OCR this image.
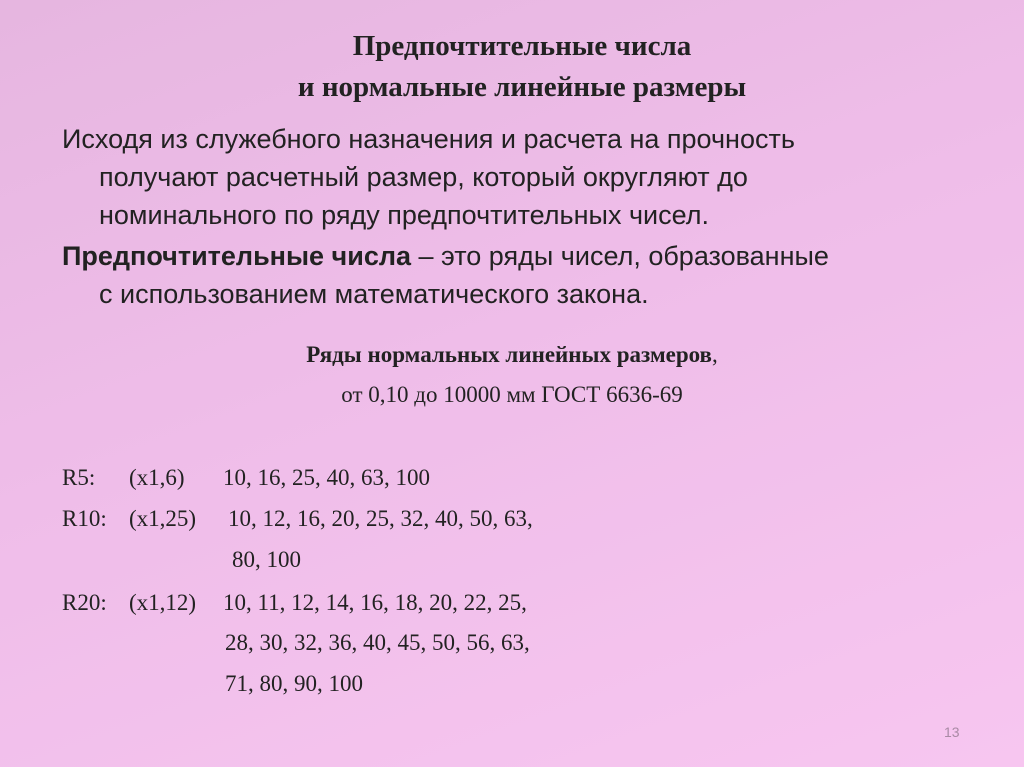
Предпочтительные числа
и нормальные линейные размеры
Исходя из служебного назначения и расчета на прочность
получают расчетный размер, который округляют до
номинального по ряду предпочтительных чисел.
Предпочтительные числа – это ряды чисел, образованные
с использованием математического закона.
Ряды нормальных линейных размеров,
от 0,10 до 10000 мм ГОСТ 6636-69
R5: (x1,6) 10, 16, 25, 40, 63, 100
R10: (x1,25) 10, 12, 16, 20, 25, 32, 40, 50, 63,
80, 100
R20: (x1,12) 10, 11, 12, 14, 16, 18, 20, 22, 25,
28, 30, 32, 36, 40, 45, 50, 56, 63,
71, 80, 90, 100
13
